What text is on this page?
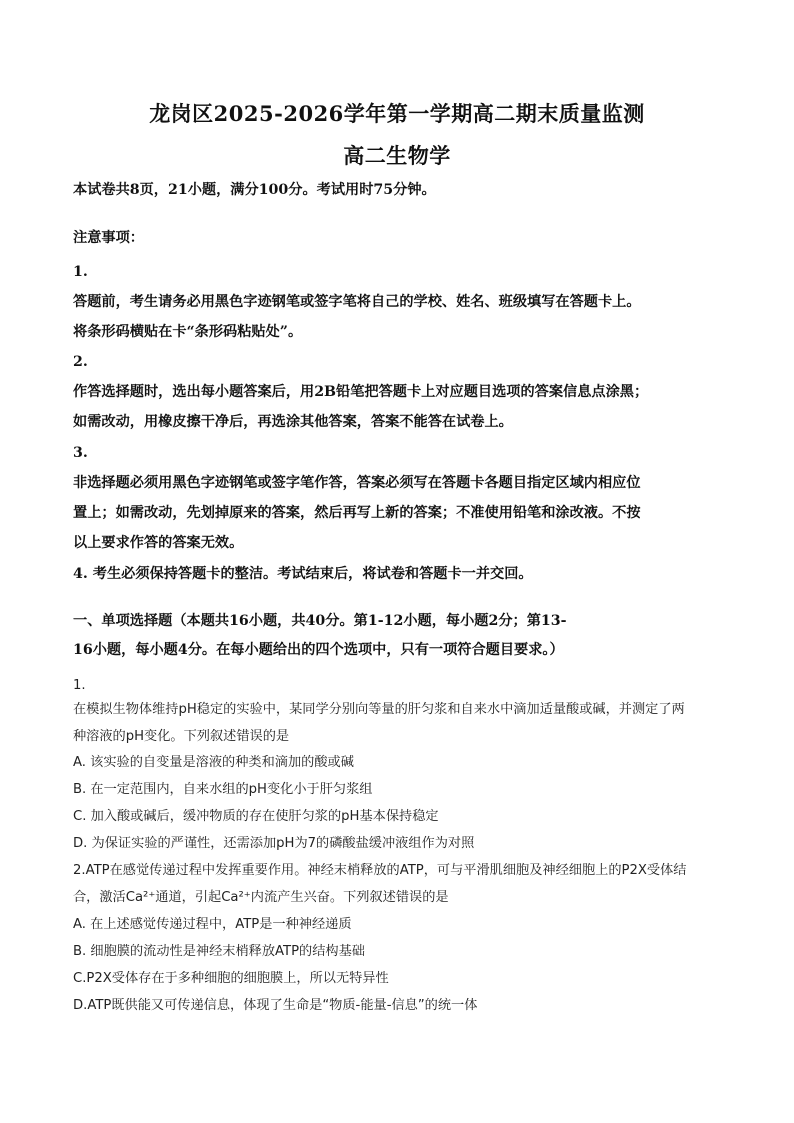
龙岗区2025-2026学年第一学期高二期末质量监测
高二生物学
本试卷共8页，21小题，满分100分。考试用时75分钟。
注意事项：
1.
答题前，考生请务必用黑色字迹钢笔或签字笔将自己的学校、姓名、班级填写在答题卡上。
将条形码横贴在卡“条形码粘贴处”。
2.
作答选择题时，选出每小题答案后，用2B铅笔把答题卡上对应题目选项的答案信息点涂黑；
如需改动，用橡皮擦干净后，再选涂其他答案，答案不能答在试卷上。
3.
非选择题必须用黑色字迹钢笔或签字笔作答，答案必须写在答题卡各题目指定区域内相应位
置上；如需改动，先划掉原来的答案，然后再写上新的答案；不准使用铅笔和涂改液。不按
以上要求作答的答案无效。
4. 考生必须保持答题卡的整洁。考试结束后，将试卷和答题卡一并交回。
一、单项选择题（本题共16小题，共40分。第1-12小题，每小题2分；第13-
16小题，每小题4分。在每小题给出的四个选项中，只有一项符合题目要求。）
1.
在模拟生物体维持pH稳定的实验中，某同学分别向等量的肝匀浆和自来水中滴加适量酸或碱，并测定了两
种溶液的pH变化。下列叙述错误的是
A. 该实验的自变量是溶液的种类和滴加的酸或碱
B. 在一定范围内，自来水组的pH变化小于肝匀浆组
C. 加入酸或碱后，缓冲物质的存在使肝匀浆的pH基本保持稳定
D. 为保证实验的严谨性，还需添加pH为7的磷酸盐缓冲液组作为对照
2.ATP在感觉传递过程中发挥重要作用。神经末梢释放的ATP，可与平滑肌细胞及神经细胞上的P2X受体结
合，激活Ca²⁺通道，引起Ca²⁺内流产生兴奋。下列叙述错误的是
A. 在上述感觉传递过程中，ATP是一种神经递质
B. 细胞膜的流动性是神经末梢释放ATP的结构基础
C.P2X受体存在于多种细胞的细胞膜上，所以无特异性
D.ATP既供能又可传递信息，体现了生命是“物质-能量-信息”的统一体
